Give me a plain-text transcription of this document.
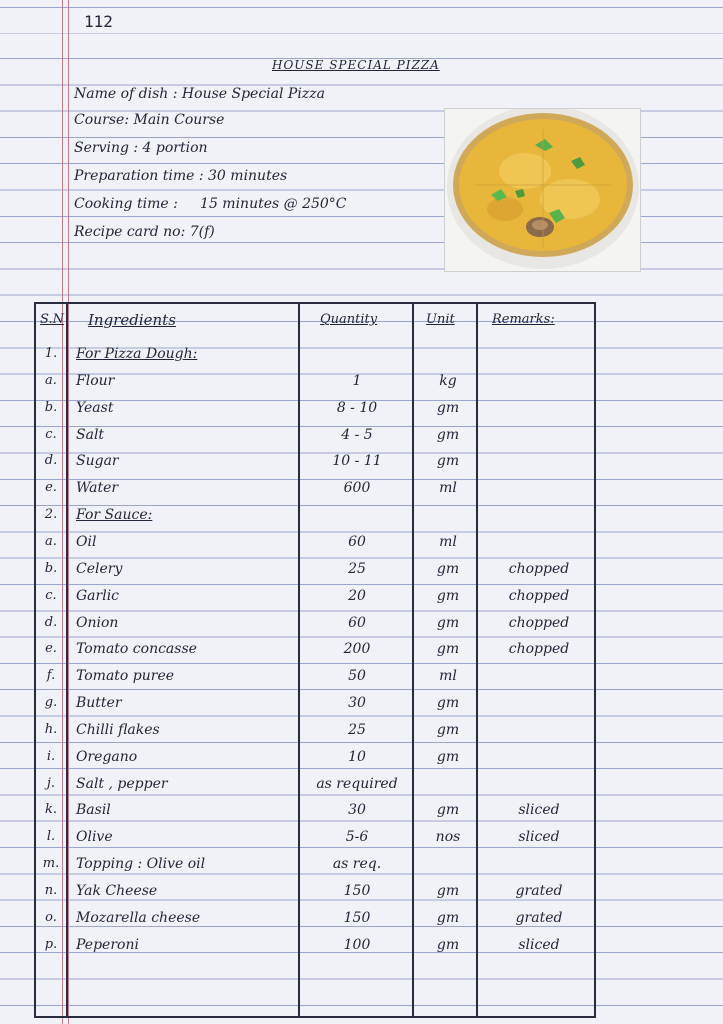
112
HOUSE SPECIAL PIZZA
Name of dish : House Special Pizza
Course: Main Course
Serving : 4 portion
Preparation time : 30 minutes
Cooking time :     15 minutes @ 250°C
Recipe card no: 7(f)
S.N Ingredients	Quantity	Unit	Remarks:
1.	For Pizza Dough:
a.	Flour	1	kg
b.	Yeast	8 - 10	gm
c.	Salt	4 - 5	gm
d.	Sugar	10 - 11	gm
e.	Water	600	ml
2.	For Sauce:
a.	Oil	60	ml
b.	Celery	25	gm	chopped
c.	Garlic	20	gm	chopped
d.	Onion	60	gm	chopped
e.	Tomato concasse	200	gm	chopped
f.	Tomato puree	50	ml
g.	Butter	30	gm
h.	Chilli flakes	25	gm
i.	Oregano	10	gm
j.	Salt , pepper	as required
k.	Basil	30	gm	sliced
l.	Olive	5-6	nos	sliced
m. Topping : Olive oil	as req.
n.	Yak Cheese	150	gm	grated
o.	Mozarella cheese	150	gm	grated
p.	Peperoni	100	gm	sliced
